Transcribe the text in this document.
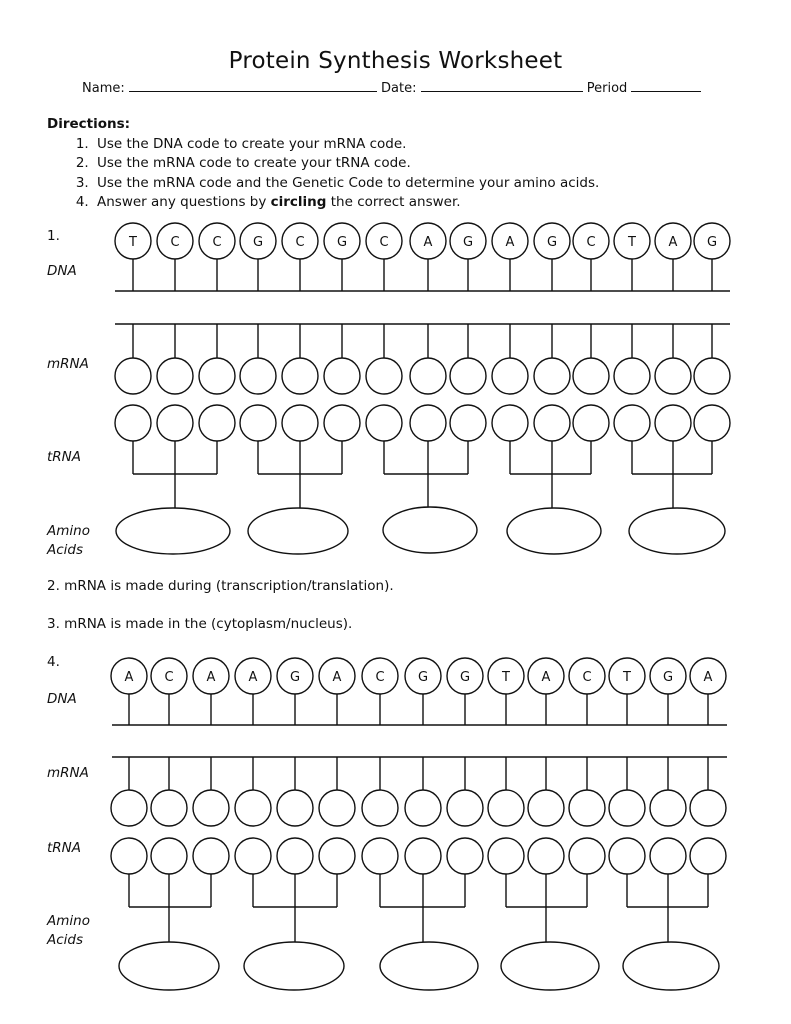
Protein Synthesis Worksheet
Name:	Date:	Period
Directions:
1. Use the DNA code to create your mRNA code.
2. Use the mRNA code to create your tRNA code.
3. Use the mRNA code and the Genetic Code to determine your amino acids.
4. Answer any questions by circling the correct answer.
1.
DNA
mRNA
tRNA
Amino
Acids
2. mRNA is made during (transcription/translation).
3. mRNA is made in the (cytoplasm/nucleus).
4.
DNA
mRNA
tRNA
Amino
Acids
T	C	C G C G C	A G	A	G C T	A G
A C	A	A	G	A	C	G G T A C T G A
